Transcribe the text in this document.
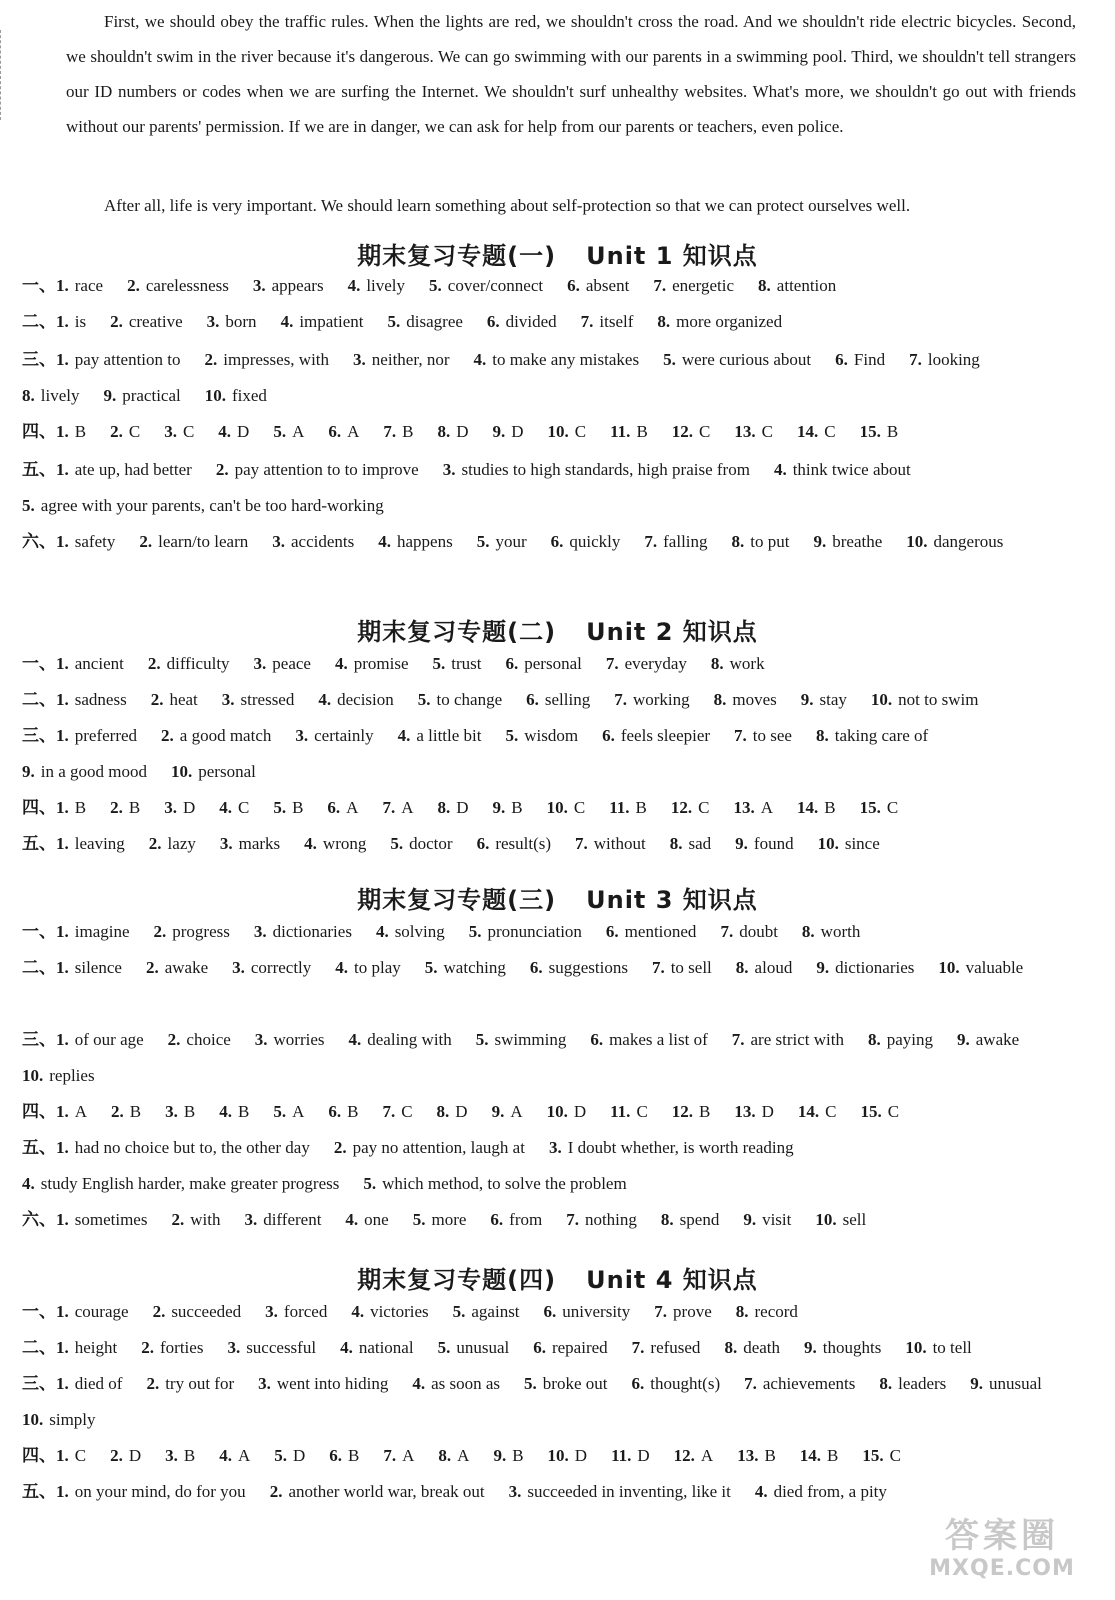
First, we should obey the traffic rules. When the lights are red, we shouldn't cross the road. And we shouldn't ride electric bicycles. Second, we shouldn't swim in the river because it's dangerous. We can go swimming with our parents in a swimming pool. Third, we shouldn't tell strangers our ID numbers or codes when we are surfing the Internet. We shouldn't surf unhealthy websites. What's more, we shouldn't go out with friends without our parents' permission. If we are in danger, we can ask for help from our parents or teachers, even police.
After all, life is very important. We should learn something about self-protection so that we can protect ourselves well.
期末复习专题(一) Unit 1 知识点
一、1. race 2. carelessness 3. appears 4. lively 5. cover/connect 6. absent 7. energetic 8. attention
二、1. is 2. creative 3. born 4. impatient 5. disagree 6. divided 7. itself 8. more organized
三、1. pay attention to 2. impresses, with 3. neither, nor 4. to make any mistakes 5. were curious about 6. Find 7. looking8. lively 9. practical 10. fixed
四、1. B 2. C 3. C 4. D 5. A 6. A 7. B 8. D 9. D 10. C 11. B 12. C 13. C 14. C 15. B
五、1. ate up, had better 2. pay attention to to improve 3. studies to high standards, high praise from 4. think twice about5. agree with your parents, can't be too hard-working
六、1. safety 2. learn/to learn 3. accidents 4. happens 5. your 6. quickly 7. falling 8. to put 9. breathe 10. dangerous
期末复习专题(二) Unit 2 知识点
一、1. ancient 2. difficulty 3. peace 4. promise 5. trust 6. personal 7. everyday 8. work
二、1. sadness 2. heat 3. stressed 4. decision 5. to change 6. selling 7. working 8. moves 9. stay 10. not to swim
三、1. preferred 2. a good match 3. certainly 4. a little bit 5. wisdom 6. feels sleepier 7. to see 8. taking care of9. in a good mood 10. personal
四、1. B 2. B 3. D 4. C 5. B 6. A 7. A 8. D 9. B 10. C 11. B 12. C 13. A 14. B 15. C
五、1. leaving 2. lazy 3. marks 4. wrong 5. doctor 6. result(s) 7. without 8. sad 9. found 10. since
期末复习专题(三) Unit 3 知识点
一、1. imagine 2. progress 3. dictionaries 4. solving 5. pronunciation 6. mentioned 7. doubt 8. worth
二、1. silence 2. awake 3. correctly 4. to play 5. watching 6. suggestions 7. to sell 8. aloud 9. dictionaries 10. valuable
三、1. of our age 2. choice 3. worries 4. dealing with 5. swimming 6. makes a list of 7. are strict with 8. paying 9. awake10. replies
四、1. A 2. B 3. B 4. B 5. A 6. B 7. C 8. D 9. A 10. D 11. C 12. B 13. D 14. C 15. C
五、1. had no choice but to, the other day 2. pay no attention, laugh at 3. I doubt whether, is worth reading4. study English harder, make greater progress 5. which method, to solve the problem
六、1. sometimes 2. with 3. different 4. one 5. more 6. from 7. nothing 8. spend 9. visit 10. sell
期末复习专题(四) Unit 4 知识点
一、1. courage 2. succeeded 3. forced 4. victories 5. against 6. university 7. prove 8. record
二、1. height 2. forties 3. successful 4. national 5. unusual 6. repaired 7. refused 8. death 9. thoughts 10. to tell
三、1. died of 2. try out for 3. went into hiding 4. as soon as 5. broke out 6. thought(s) 7. achievements 8. leaders 9. unusual10. simply
四、1. C 2. D 3. B 4. A 5. D 6. B 7. A 8. A 9. B 10. D 11. D 12. A 13. B 14. B 15. C
五、1. on your mind, do for you 2. another world war, break out 3. succeeded in inventing, like it 4. died from, a pity
答案圈
MXQE.COM
